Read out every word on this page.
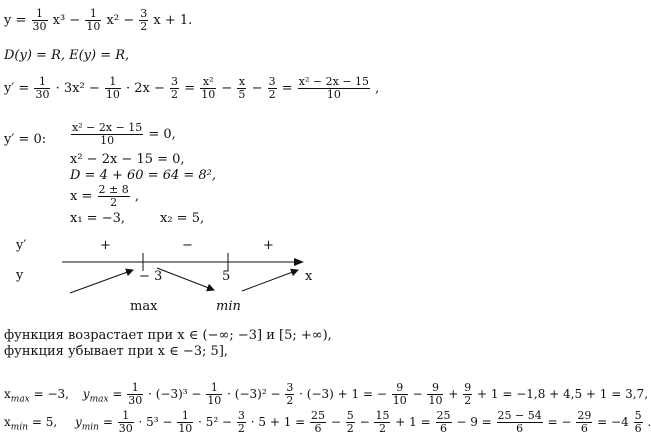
$y = \frac{1}{30} x^3 - \frac{1}{10} x^2 - \frac{3}{2}$ x + 1.
D(y) = R, E(y) = R,
$y' = \frac{1}{30} \cdot 3x^2 - \frac{1}{10} \cdot 2x - \frac{3}{2} = \frac{\text{x²}}{10} - \frac{x}{5} - \frac{3}{2} = \frac{\text{x² − 2x − 15}}{10}$ ,
y′ = 0: $\frac{\text{x² − 2x − 15}}{10} = 0$,
x² − 2x − 15 = 0,
D = 4 + 60 = 64 = 8²,
$x = \frac{2 \pm 8}{2}$ ,
x₁ = −3,	x₂ = 5,
y′
y
+	−	+
− 3	5	x
max	min
функция возрастает при x ∈ (−∞; −3] и [5; +∞),
функция убывает при x ∈ −3; 5],
$x_{max} = -3$, $y_{max} = \frac{1}{30} \cdot (-3)^3 - \frac{1}{10} \cdot (-3)^2 - \frac{3}{2} \cdot (-3) + 1$ = − $\frac{9}{10} - \frac{9}{10} + \frac{9}{2} + 1 = -1,8 + 4,5 + 1 = 3,7$,
$x_{min} = 5$, $y_{min} = \frac{1}{30} \cdot 5^3 - \frac{1}{10} \cdot 5^2 - \frac{3}{2} \cdot 5 + 1 = \frac{25}{6} - \frac{5}{2} - \frac{15}{2} + 1 = \frac{25}{6} - 9 = \frac{25 - 54}{6}$ = − $\frac{29}{6} = -4 \frac{5}{6}$ .
